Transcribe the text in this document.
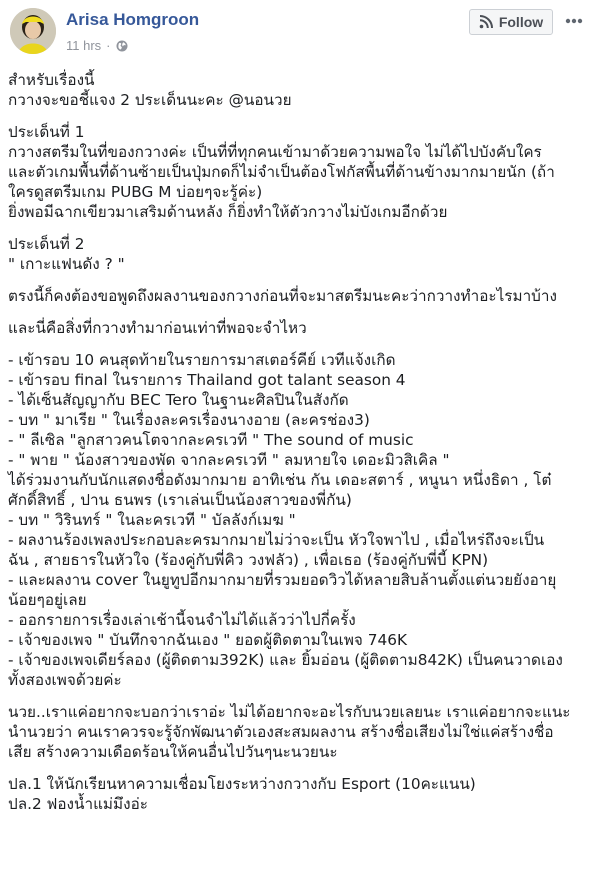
Arisa Homgroon
11 hrs ·
Follow
สำหรับเรื่องนี้
กวางจะขอชี้แจง 2 ประเด็นนะคะ @นอนวย
ประเด็นที่ 1
กวางสตรีมในที่ของกวางค่ะ เป็นที่ที่ทุกคนเข้ามาด้วยความพอใจ ไม่ได้ไปบังคับใคร
และตัวเกมพื้นที่ด้านซ้ายเป็นปุ่มกดก็ไม่จำเป็นต้องโฟกัสพื้นที่ด้านข้างมากมายนัก (ถ้า
ใครดูสตรีมเกม PUBG M บ่อยๆจะรู้ค่ะ)
ยิ่งพอมีฉากเขียวมาเสริมด้านหลัง ก็ยิ่งทำให้ตัวกวางไม่บังเกมอีกด้วย
ประเด็นที่ 2
" เกาะแฟนดัง ? "
ตรงนี้ก็คงต้องขอพูดถึงผลงานของกวางก่อนที่จะมาสตรีมนะคะว่ากวางทำอะไรมาบ้าง
และนี่คือสิ่งที่กวางทำมาก่อนเท่าที่พอจะจำไหว
- เข้ารอบ 10 คนสุดท้ายในรายการมาสเตอร์คีย์ เวทีแจ้งเกิด
- เข้ารอบ final ในรายการ Thailand got talant season 4
- ได้เซ็นสัญญากับ BEC Tero ในฐานะศิลปินในสังกัด
- บท " มาเรีย " ในเรื่องละครเรื่องนางอาย (ละครช่อง3)
- " ลีเซิล "ลูกสาวคนโตจากละครเวที " The sound of music
- " พาย " น้องสาวของพัด จากละครเวที " ลมหายใจ เดอะมิวสิเคิล "
ได้ร่วมงานกับนักแสดงชื่อดังมากมาย อาทิเช่น กัน เดอะสตาร์ , หนูนา หนึ่งธิดา , โต๋
ศักดิ์สิทธิ์ , ปาน ธนพร (เราเล่นเป็นน้องสาวของพี่กัน)
- บท " วิรินทร์ " ในละครเวที " บัลลังก์เมฆ "
- ผลงานร้องเพลงประกอบละครมากมายไม่ว่าจะเป็น หัวใจพาไป , เมื่อไหร่ถึงจะเป็น
ฉัน , สายธารในหัวใจ (ร้องคู่กับพี่คิว วงฟลัว) , เพื่อเธอ (ร้องคู่กับพี่บี้ KPN)
- และผลงาน cover ในยูทูปอีกมากมายที่รวมยอดวิวได้หลายสิบล้านตั้งแต่นวยยังอายุ
น้อยๆอยู่เลย
- ออกรายการเรื่องเล่าเช้านี้จนจำไม่ได้แล้วว่าไปกี่ครั้ง
- เจ้าของเพจ " บันทึกจากฉันเอง " ยอดผู้ติดตามในเพจ 746K
- เจ้าของเพจเดียร์ลอง (ผู้ติดตาม392K) และ ยิ้มอ่อน (ผู้ติดตาม842K) เป็นคนวาดเอง
ทั้งสองเพจด้วยค่ะ
นวย..เราแค่อยากจะบอกว่าเราอ่ะ ไม่ได้อยากจะอะไรกับนวยเลยนะ เราแค่อยากจะแนะ
นำนวยว่า คนเราควรจะรู้จักพัฒนาตัวเองสะสมผลงาน สร้างชื่อเสียงไม่ใช่แค่สร้างชื่อ
เสีย สร้างความเดือดร้อนให้คนอื่นไปวันๆนะนวยนะ
ปล.1 ให้นักเรียนหาความเชื่อมโยงระหว่างกวางกับ Esport (10คะแนน)
ปล.2 ฟองน้ำแม่มึงอ่ะ
